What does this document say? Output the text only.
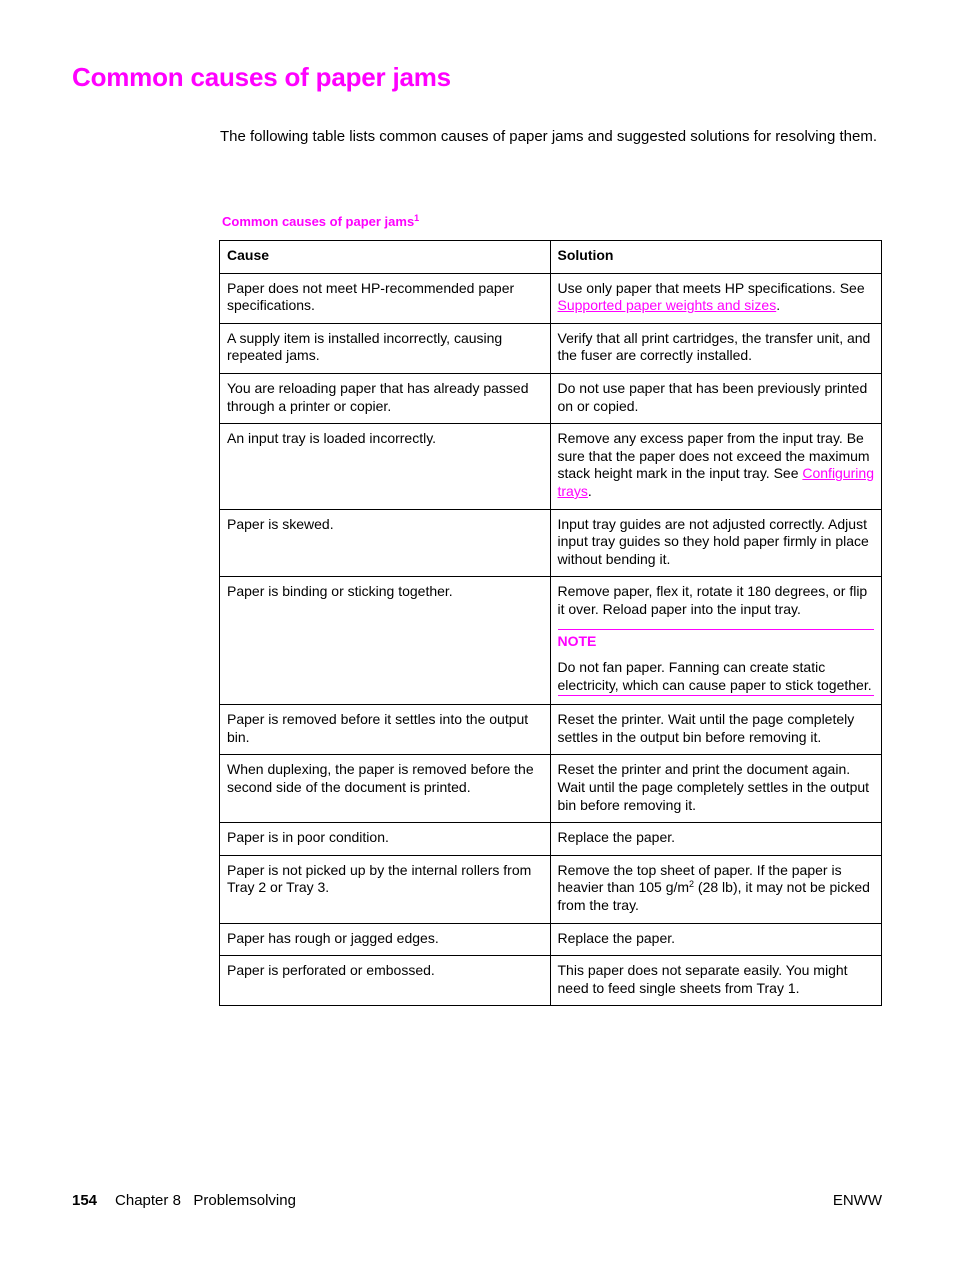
Common causes of paper jams

The following table lists common causes of paper jams and suggested solutions for resolving them.

Common causes of paper jams$^1$
Cause	Solution
Paper does not meet HP-recommended paper specifications.	Use only paper that meets HP specifications. See Supported paper weights and sizes.
A supply item is installed incorrectly, causing repeated jams.	Verify that all print cartridges, the transfer unit, and the fuser are correctly installed.
You are reloading paper that has already passed through a printer or copier.	Do not use paper that has been previously printed on or copied.
An input tray is loaded incorrectly.	Remove any excess paper from the input tray. Be sure that the paper does not exceed the maximum stack height mark in the input tray. See Configuring trays.
Paper is skewed.	Input tray guides are not adjusted correctly. Adjust input tray guides so they hold paper firmly in place without bending it.
Paper is binding or sticking together.	Remove paper, flex it, rotate it 180 degrees, or flip it over. Reload paper into the input tray.
NOTE
Do not fan paper. Fanning can create static electricity, which can cause paper to stick together.

Paper is removed before it settles into the output bin.	Reset the printer. Wait until the page completely settles in the output bin before removing it.
When duplexing, the paper is removed before the second side of the document is printed.	Reset the printer and print the document again. Wait until the page completely settles in the output bin before removing it.
Paper is in poor condition.	Replace the paper.
Paper is not picked up by the internal rollers from Tray 2 or Tray 3.	Remove the top sheet of paper. If the paper is heavier than 105 $g/m^2$ (28 lb), it may not be picked from the tray.
Paper has rough or jagged edges.	Replace the paper.
Paper is perforated or embossed.	This paper does not separate easily. You might need to feed single sheets from Tray 1.
154 Chapter 8   Problemsolving	ENWW
